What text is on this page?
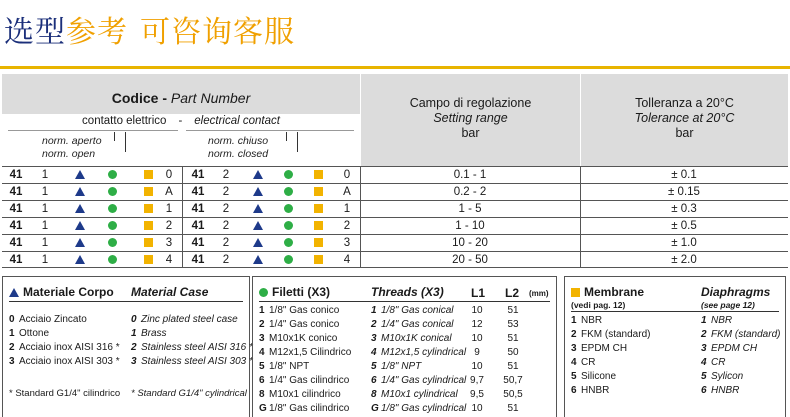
选型参考 可咨询客服
Codice - Part Number
contatto elettrico - electrical contact
norm. aperto
norm. open
norm. chiuso
norm. closed
Campo di regolazione
Setting range
bar
Tolleranza a 20°C
Tolerance at 20°C
bar
41	1	0	41	2	0	0.1 - 1	± 0.1
41	1	A	41	2	A	0.2 - 2	± 0.15
41	1	1	41	2	1	1 - 5	± 0.3
41	1	2	41	2	2	1 - 10	± 0.5
41	1	3	41	2	3	10 - 20	± 1.0
41	1	4	41	2	4	20 - 50	± 2.0
Materiale Corpo Material Case
0 Acciaio Zincato	0 Zinc plated steel case
1 Ottone	1 Brass
2 Acciaio inox AISI 316 * 2 Stainless steel AISI 316 *
3 Acciaio inox AISI 303 * 3 Stainless steel AISI 303 *
* Standard G1/4" cilindrico * Standard G1/4" cylindrical
Filetti (X3)	Threads (X3) L1 L2 (mm)
1 1/8" Gas conico	1 1/8" Gas conical	10	51
2 1/4" Gas conico	2 1/4" Gas conical	12	53
3 M10x1K conico	3 M10x1K conical	10	51
4 M12x1,5 Cilindrico 4 M12x1,5 cylindrical 9	50
5 1/8" NPT	5 1/8" NPT	10	51
6 1/4" Gas cilindrico 6 1/4" Gas cylindrical 9,7	50,7
8 M10x1 cilindrico	8 M10x1 cylindrical	9,5	50,5
G 1/8" Gas cilindrico G 1/8" Gas cylindrical 10	51
Membrane	Diaphragms
(vedi pag. 12)	(see page 12)
1 NBR	1 NBR
2 FKM (standard)	2 FKM (standard)
3 EPDM CH	3 EPDM CH
4 CR	4 CR
5 Silicone	5 Sylicon
6 HNBR	6 HNBR
